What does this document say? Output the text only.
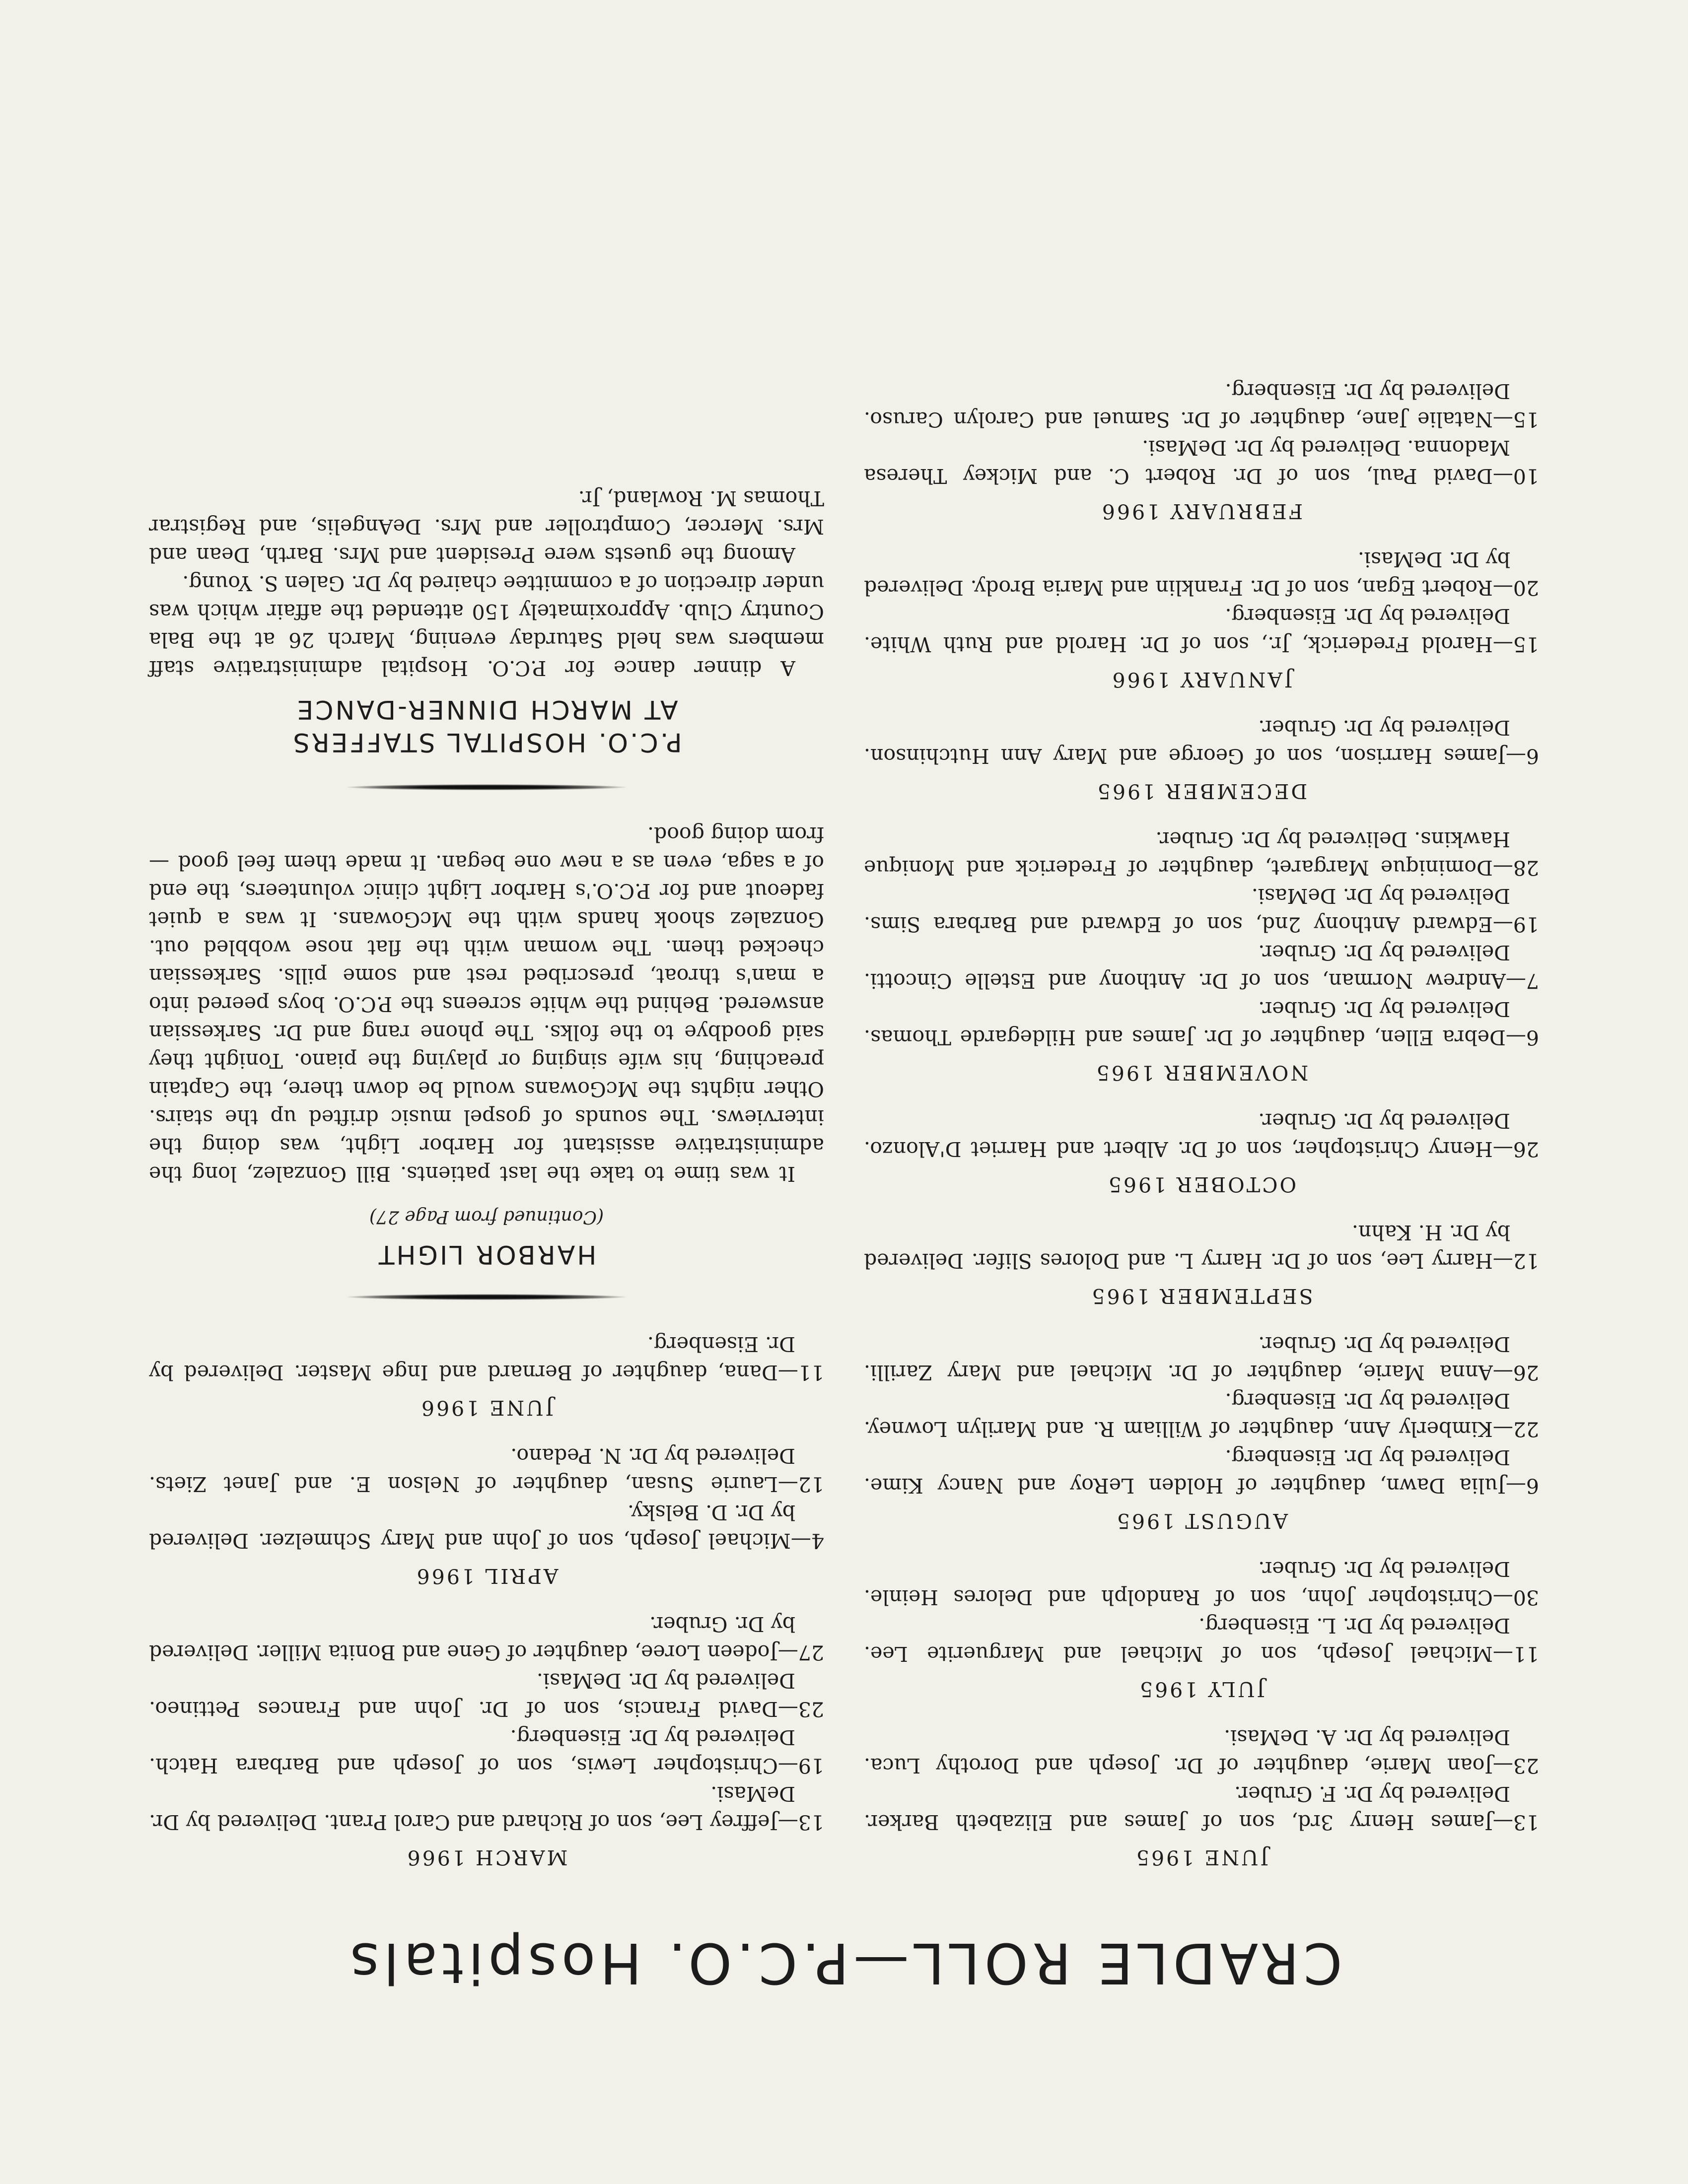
CRADLE ROLL—P.C.O. Hospitals
JUNE 1965

13—James Henry 3rd, son of James and Elizabeth Barker. Delivered by Dr. F. Gruber.

23—Joan Marie, daughter of Dr. Joseph and Dorothy Luca. Delivered by Dr. A. DeMasi.

JULY 1965

11—Michael Joseph, son of Michael and Marguerite Lee. Delivered by Dr. L. Eisenberg.

30—Christopher John, son of Randolph and Delores Heinle. Delivered by Dr. Gruber.

AUGUST 1965

6—Julia Dawn, daughter of Holden LeRoy and Nancy Kime. Delivered by Dr. Eisenberg.

22—Kimberly Ann, daughter of William R. and Marilyn Lowney. Delivered by Dr. Eisenberg.

26—Anna Marie, daughter of Dr. Michael and Mary Zarilli. Delivered by Dr. Gruber.

SEPTEMBER 1965

12—Harry Lee, son of Dr. Harry L. and Dolores Slifer. Delivered by Dr. H. Kahn.

OCTOBER 1965

26—Henry Christopher, son of Dr. Albert and Harriet D'Alonzo. Delivered by Dr. Gruber.

NOVEMBER 1965

6—Debra Ellen, daughter of Dr. James and Hildegarde Thomas. Delivered by Dr. Gruber.

7—Andrew Norman, son of Dr. Anthony and Estelle Cincotti. Delivered by Dr. Gruber.

19—Edward Anthony 2nd, son of Edward and Barbara Sims. Delivered by Dr. DeMasi.

28—Dominique Margaret, daughter of Frederick and Monique Hawkins. Delivered by Dr. Gruber.

DECEMBER 1965

6—James Harrison, son of George and Mary Ann Hutchinson. Delivered by Dr. Gruber.

JANUARY 1966

15—Harold Frederick, Jr., son of Dr. Harold and Ruth White. Delivered by Dr. Eisenberg.

20—Robert Egan, son of Dr. Franklin and Maria Brody. Delivered by Dr. DeMasi.

FEBRUARY 1966

10—David Paul, son of Dr. Robert C. and Mickey Theresa Madonna. Delivered by Dr. DeMasi.

15—Natalie Jane, daughter of Dr. Samuel and Carolyn Caruso. Delivered by Dr. Eisenberg.

MARCH 1966

13—Jeffrey Lee, son of Richard and Carol Prant. Delivered by Dr. DeMasi.

19—Christopher Lewis, son of Joseph and Barbara Hatch. Delivered by Dr. Eisenberg.

23—David Francis, son of Dr. John and Frances Pettineo. Delivered by Dr. DeMasi.

27—Jodeen Loree, daughter of Gene and Bonita Miller. Delivered by Dr. Gruber.

APRIL 1966

4—Michael Joseph, son of John and Mary Schmelzer. Delivered by Dr. D. Belsky.

12—Laurie Susan, daughter of Nelson E. and Janet Ziets. Delivered by Dr. N. Pedano.

JUNE 1966

11—Dana, daughter of Bernard and Inge Master. Delivered by Dr. Eisenberg.

HARBOR LIGHT
(Continued from Page 27)

It was time to take the last patients. Bill Gonzalez, long the administrative assistant for Harbor Light, was doing the interviews. The sounds of gospel music drifted up the stairs. Other nights the McGowans would be down there, the Captain preaching, his wife singing or playing the piano. Tonight they said goodbye to the folks. The phone rang and Dr. Sarkessian answered. Behind the white screens the P.C.O. boys peered into a man's throat, prescribed rest and some pills. Sarkessian checked them. The woman with the flat nose wobbled out. Gonzalez shook hands with the McGowans. It was a quiet fadeout and for P.C.O.'s Harbor Light clinic volunteers, the end of a saga, even as a new one began. It made them feel good —from doing good.

P.C.O. HOSPITAL STAFFERS
AT MARCH DINNER-DANCE

A dinner dance for P.C.O. Hospital administrative staff members was held Saturday evening, March 26 at the Bala Country Club. Approximately 150 attended the affair which was under direction of a committee chaired by Dr. Galen S. Young.

Among the guests were President and Mrs. Barth, Dean and Mrs. Mercer, Comptroller and Mrs. DeAngelis, and Registrar Thomas M. Rowland, Jr.
